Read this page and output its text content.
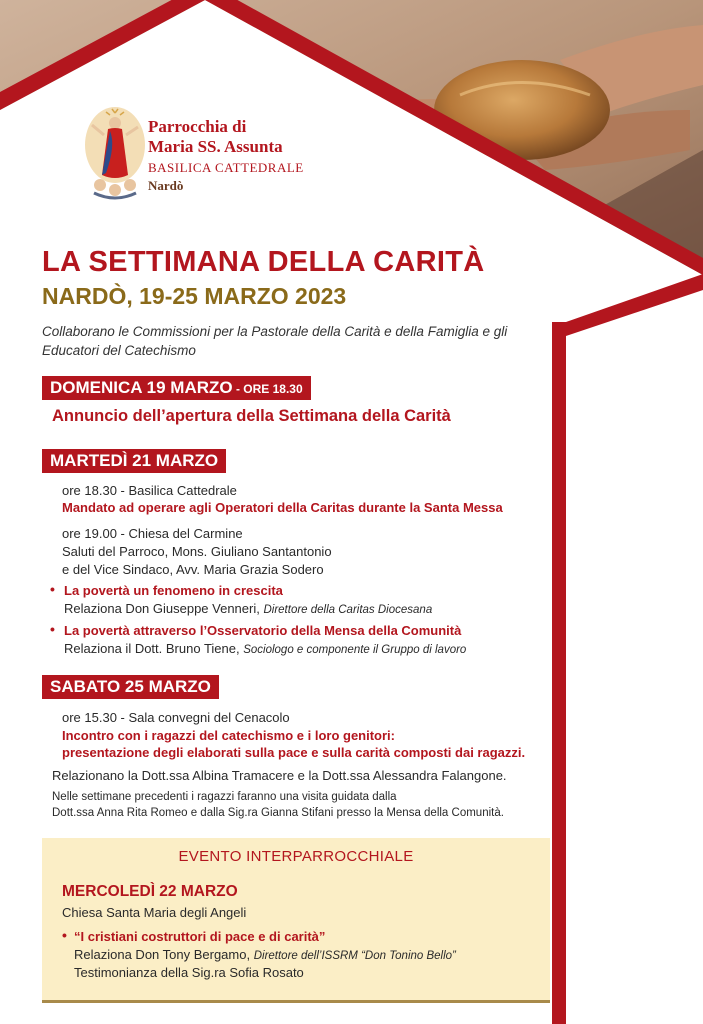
Parrocchia di
Maria SS. Assunta
BASILICA CATTEDRALE
Nardò
LA SETTIMANA DELLA CARITÀ
NARDÒ, 19-25 MARZO 2023
Collaborano le Commissioni per la Pastorale della Carità e della Famiglia e gli Educatori del Catechismo
DOMENICA 19 MARZO - ORE 18.30
Annuncio dell’apertura della Settimana della Carità
MARTEDÌ 21 MARZO
ore 18.30 - Basilica Cattedrale
Mandato ad operare agli Operatori della Caritas durante la Santa Messa
ore 19.00 - Chiesa del Carmine
Saluti del Parroco, Mons. Giuliano Santantonio
e del Vice Sindaco, Avv. Maria Grazia Sodero
• La povertà un fenomeno in crescita
Relaziona Don Giuseppe Venneri, Direttore della Caritas Diocesana
• La povertà attraverso l’Osservatorio della Mensa della Comunità
Relaziona il Dott. Bruno Tiene, Sociologo e componente il Gruppo di lavoro
SABATO 25 MARZO
ore 15.30 - Sala convegni del Cenacolo
Incontro con i ragazzi del catechismo e i loro genitori:
presentazione degli elaborati sulla pace e sulla carità composti dai ragazzi.
Relazionano la Dott.ssa Albina Tramacere e la Dott.ssa Alessandra Falangone.
Nelle settimane precedenti i ragazzi faranno una visita guidata dalla
Dott.ssa Anna Rita Romeo e dalla Sig.ra Gianna Stifani presso la Mensa della Comunità.
EVENTO INTERPARROCCHIALE
MERCOLEDÌ 22 MARZO
Chiesa Santa Maria degli Angeli
• “I cristiani costruttori di pace e di carità”
Relaziona Don Tony Bergamo, Direttore dell’ISSRM “Don Tonino Bello”
Testimonianza della Sig.ra Sofia Rosato
